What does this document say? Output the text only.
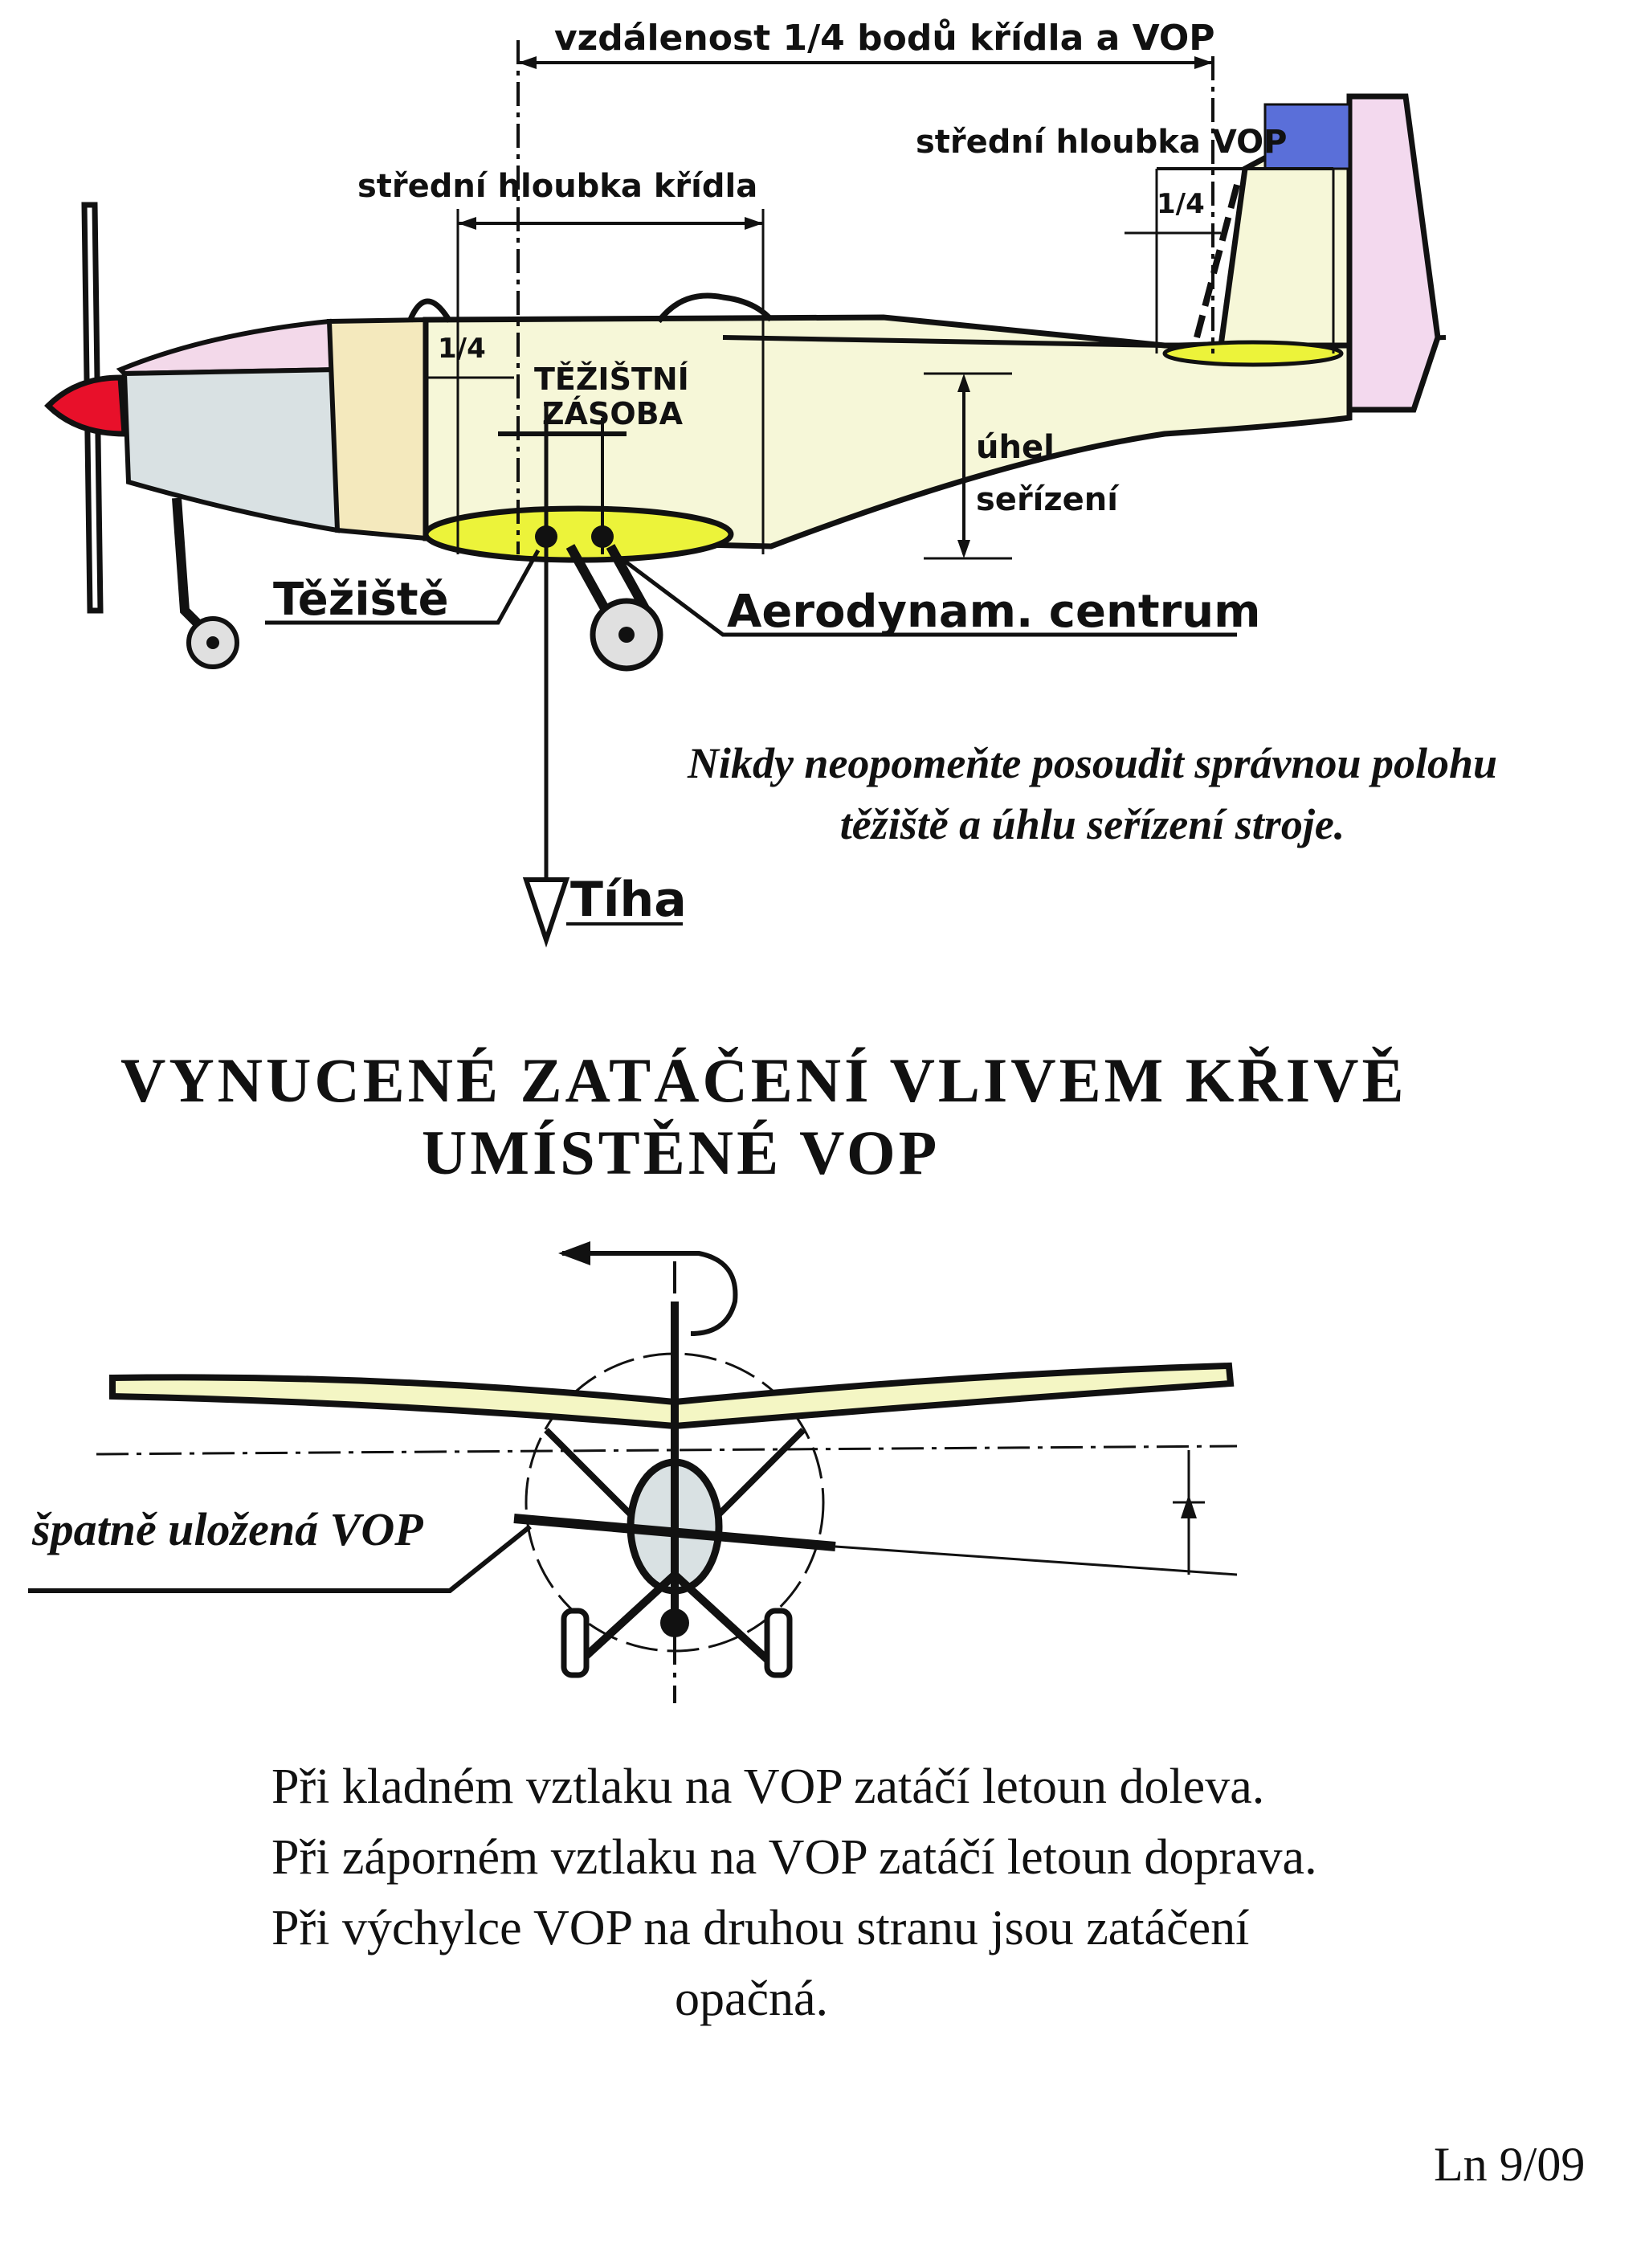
vzdálenost 1/4 bodů křídla a VOP
střední hloubka VOP
střední hloubka křídla
1/4
1/4
TĚŽIŠTNÍ
ZÁSOBA
úhel
seřízení
Těžiště	Aerodynam. centrum
Tíha
Nikdy neopomeňte posoudit správnou polohu
těžiště a úhlu seřízení stroje.
VYNUCENÉ ZATÁČENÍ VLIVEM KŘIVĚ
UMÍSTĚNÉ VOP
špatně uložená VOP
Při kladném vztlaku na VOP zatáčí letoun doleva.
Při záporném vztlaku na VOP zatáčí letoun doprava.
Při výchylce VOP na druhou stranu jsou zatáčení
opačná.
Ln 9/09
